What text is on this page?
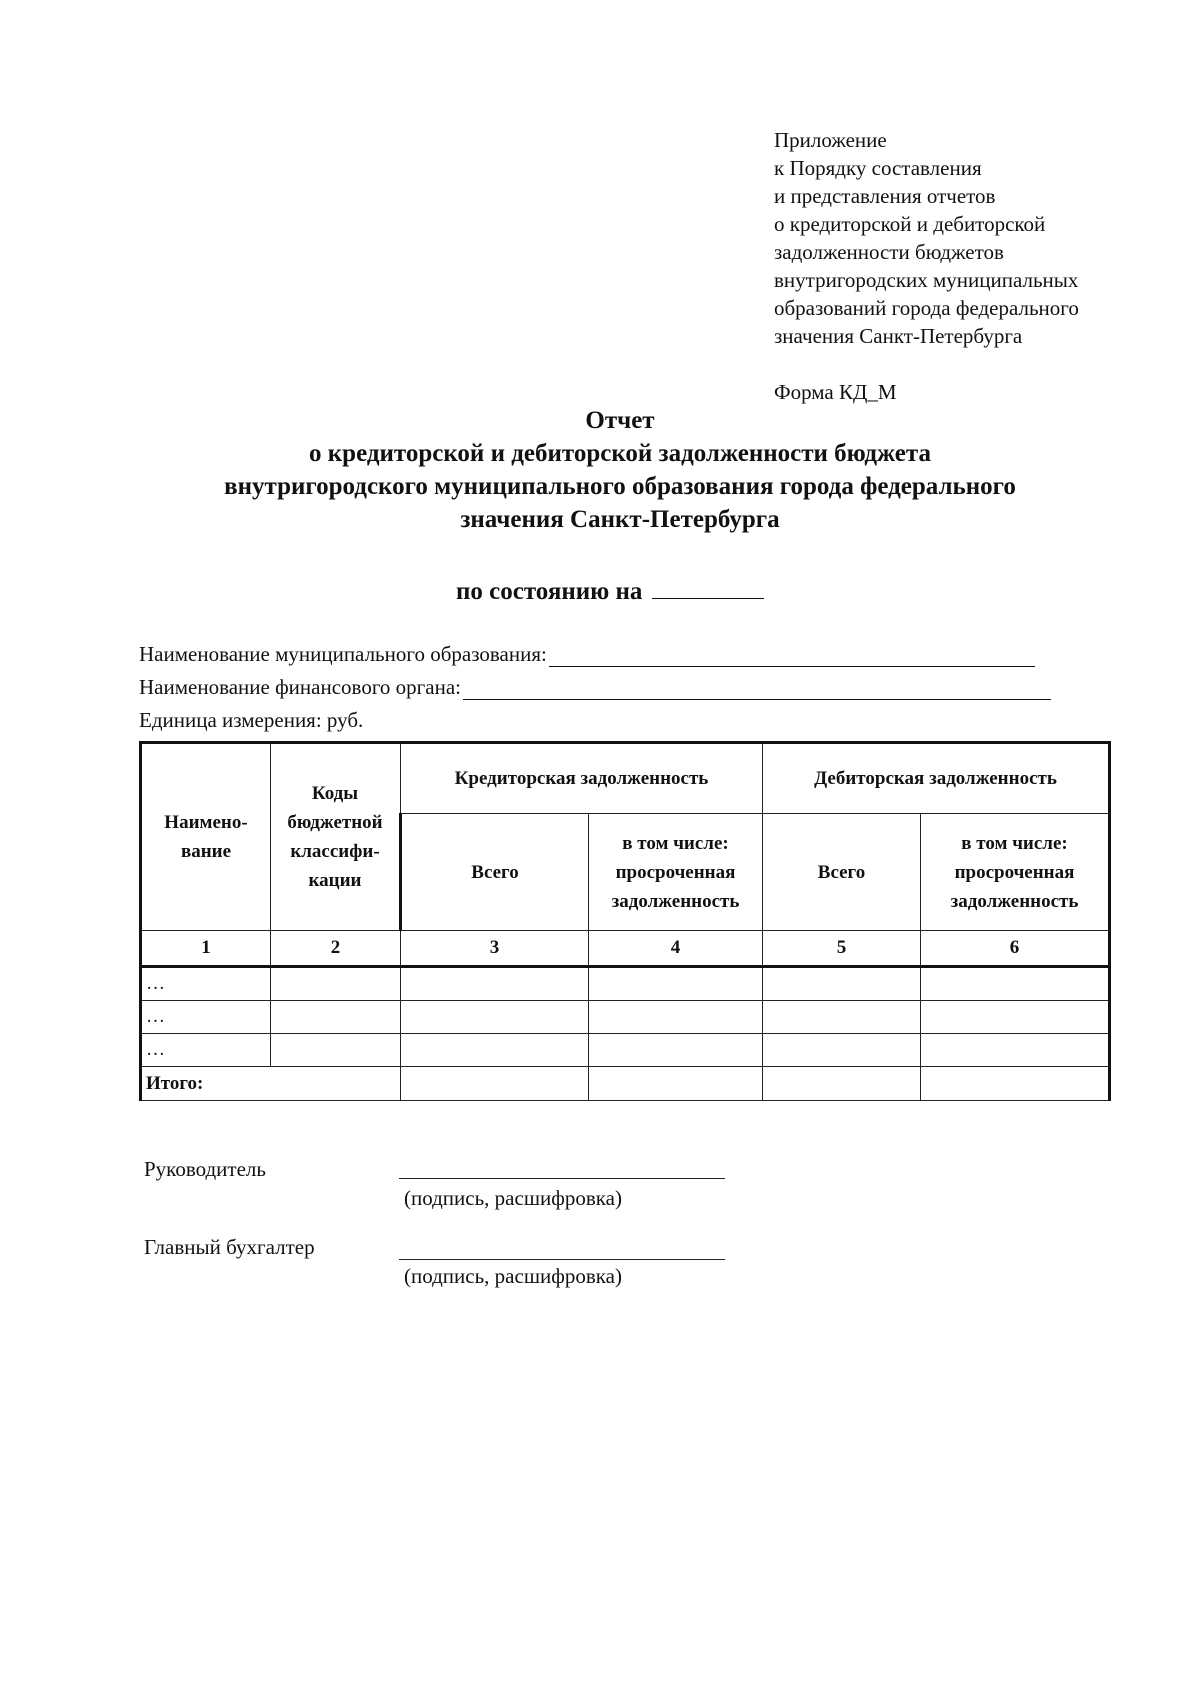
Приложение
к Порядку составления
и представления отчетов
о кредиторской и дебиторской
задолженности бюджетов
внутригородских муниципальных
образований города федерального
значения Санкт-Петербурга
Форма КД_М
Отчет
о кредиторской и дебиторской задолженности бюджета
внутригородского муниципального образования города федерального
значения Санкт-Петербурга
по состоянию на
Наименование муниципального образования:
Наименование финансового органа:
Единица измерения: руб.
Наимено-вание	Коды бюджетной классифи-кации	Кредиторская задолженность		Дебиторская задолженность	
		Всего	в том числе: просроченная задолженность	Всего	в том числе: просроченная задолженность
1	2	3	4	5	6
…					
…					
…					
Итого:					
Руководитель
(подпись, расшифровка)
Главный бухгалтер
(подпись, расшифровка)
